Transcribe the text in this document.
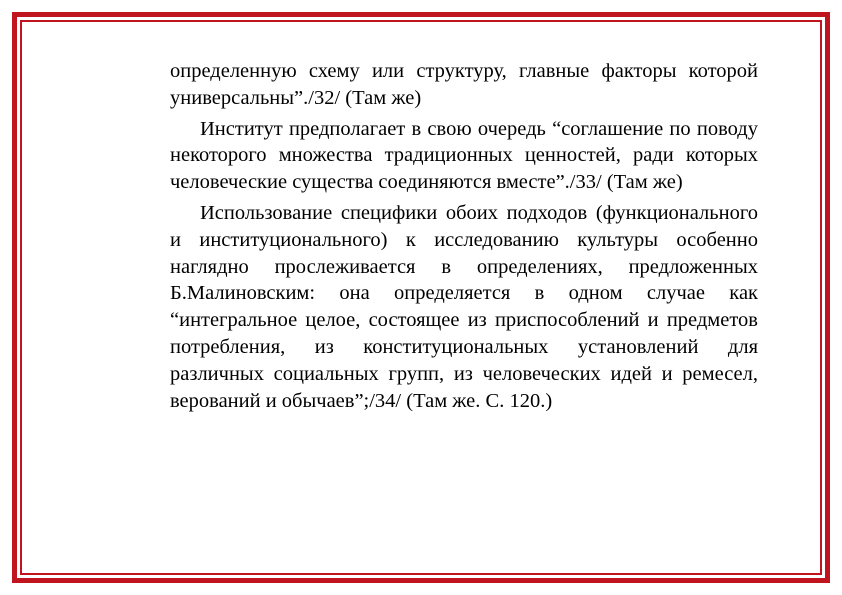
определенную схему или структуру, главные факторы которой универсальны”./32/ (Там же)

Институт предполагает в свою очередь “соглашение по поводу некоторого множества традиционных ценностей, ради которых человеческие существа соединяются вместе”./33/ (Там же)

Использование специфики обоих подходов (функционального и институционального) к исследованию культуры особенно наглядно прослеживается в определениях, предложенных Б.Малиновским: она определяется в одном случае как “интегральное целое, состоящее из приспособлений и предметов потребления, из конституциональных установлений для различных социальных групп, из человеческих идей и ремесел, верований и обычаев”;/34/ (Там же. С. 120.)
